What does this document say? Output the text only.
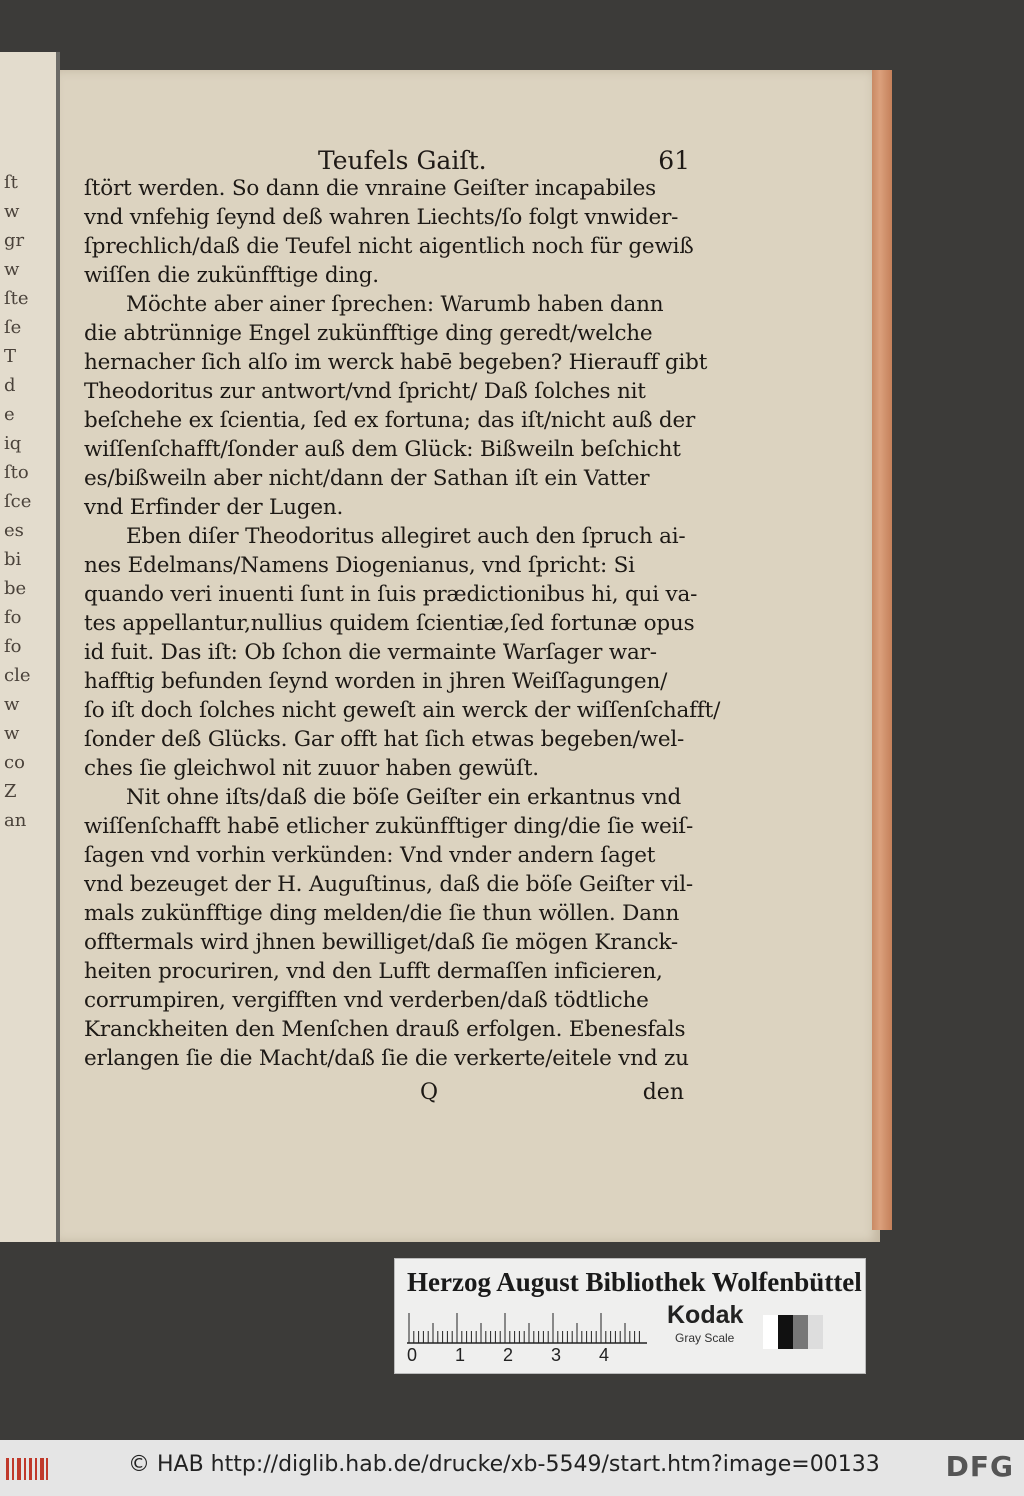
ſt
w
gr
w
ſte
ſe
T
d
e
iq
ſto
ſce
es
bi
be
fo
fo
cle
w
w
co
Z
an
Teufels Gaiſt.	61
ſtört werden. So dann die vnraine Geiſter incapabiles
vnd vnfehig ſeynd deß wahren Liechts/ſo folgt vnwider-
ſprechlich/daß die Teufel nicht aigentlich noch für gewiß
wiſſen die zukünfftige ding.
Möchte aber ainer ſprechen: Warumb haben dann
die abtrünnige Engel zukünfftige ding geredt/welche
hernacher ſich alſo im werck habē begeben? Hierauff gibt
Theodoritus zur antwort/vnd ſpricht/ Daß ſolches nit
beſchehe ex ſcientia, ſed ex fortuna; das iſt/nicht auß der
wiſſenſchafft/ſonder auß dem Glück: Bißweiln beſchicht
es/bißweiln aber nicht/dann der Sathan iſt ein Vatter
vnd Erfinder der Lugen.
Eben diſer Theodoritus allegiret auch den ſpruch ai-
nes Edelmans/Namens Diogenianus, vnd ſpricht: Si
quando veri inuenti ſunt in ſuis prædictionibus hi, qui va-
tes appellantur,nullius quidem ſcientiæ,ſed fortunæ opus
id fuit. Das iſt: Ob ſchon die vermainte Warſager war-
hafftig befunden ſeynd worden in jhren Weiſſagungen/
ſo iſt doch ſolches nicht geweſt ain werck der wiſſenſchafft/
ſonder deß Glücks. Gar offt hat ſich etwas begeben/wel-
ches ſie gleichwol nit zuuor haben gewüſt.
Nit ohne iſts/daß die böſe Geiſter ein erkantnus vnd
wiſſenſchafft habē etlicher zukünfftiger ding/die ſie weiſ-
ſagen vnd vorhin verkünden: Vnd vnder andern ſaget
vnd bezeuget der H. Auguſtinus, daß die böſe Geiſter vil-
mals zukünfftige ding melden/die ſie thun wöllen. Dann
offtermals wird jhnen bewilliget/daß ſie mögen Kranck-
heiten procuriren, vnd den Lufft dermaſſen inficieren,
corrumpiren, vergifften vnd verderben/daß tödtliche
Kranckheiten den Menſchen drauß erfolgen. Ebenesfals
erlangen ſie die Macht/daß ſie die verkerte/eitele vnd zu
Q	den
Herzog August Bibliothek Wolfenbüttel
0 1 2 3 4
Kodak
Gray Scale
© HAB http://diglib.hab.de/drucke/xb-5549/start.htm?image=00133 DFG
